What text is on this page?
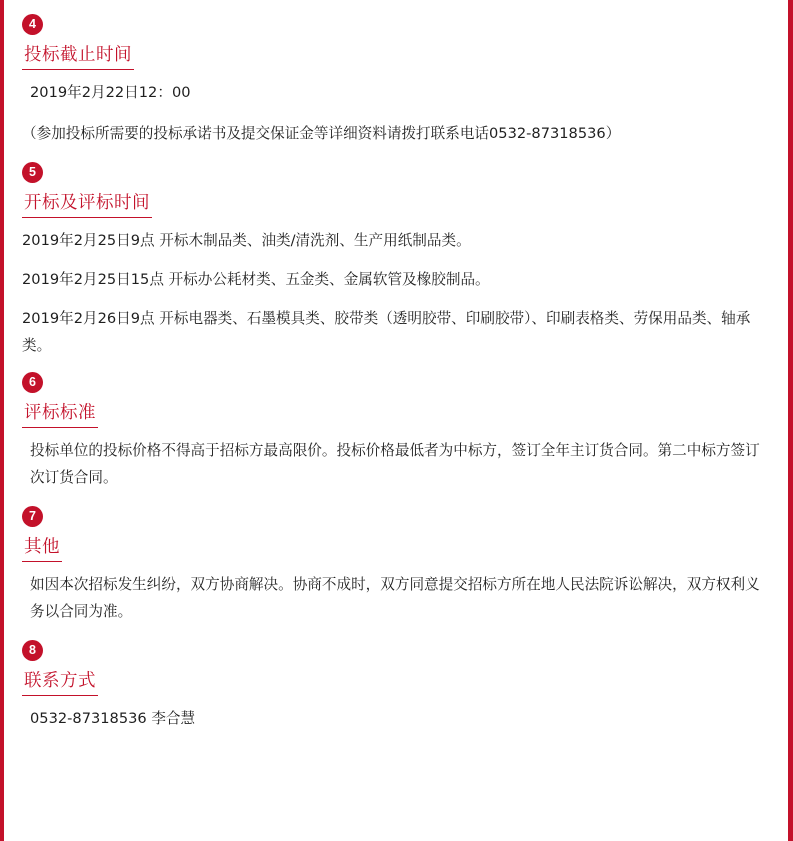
4
投标截止时间

2019年2月22日12：00

（参加投标所需要的投标承诺书及提交保证金等详细资料请拨打联系电话0532-87318536）

5
开标及评标时间

2019年2月25日9点 开标木制品类、油类/清洗剂、生产用纸制品类。

2019年2月25日15点 开标办公耗材类、五金类、金属软管及橡胶制品。

2019年2月26日9点 开标电器类、石墨模具类、胶带类（透明胶带、印刷胶带）、印刷表格类、劳保用品类、轴承类。

6
评标标准

投标单位的投标价格不得高于招标方最高限价。投标价格最低者为中标方，签订全年主订货合同。第二中标方签订次订货合同。

7
其他

如因本次招标发生纠纷，双方协商解决。协商不成时，双方同意提交招标方所在地人民法院诉讼解决，双方权利义务以合同为准。

8
联系方式

0532-87318536 李合慧
